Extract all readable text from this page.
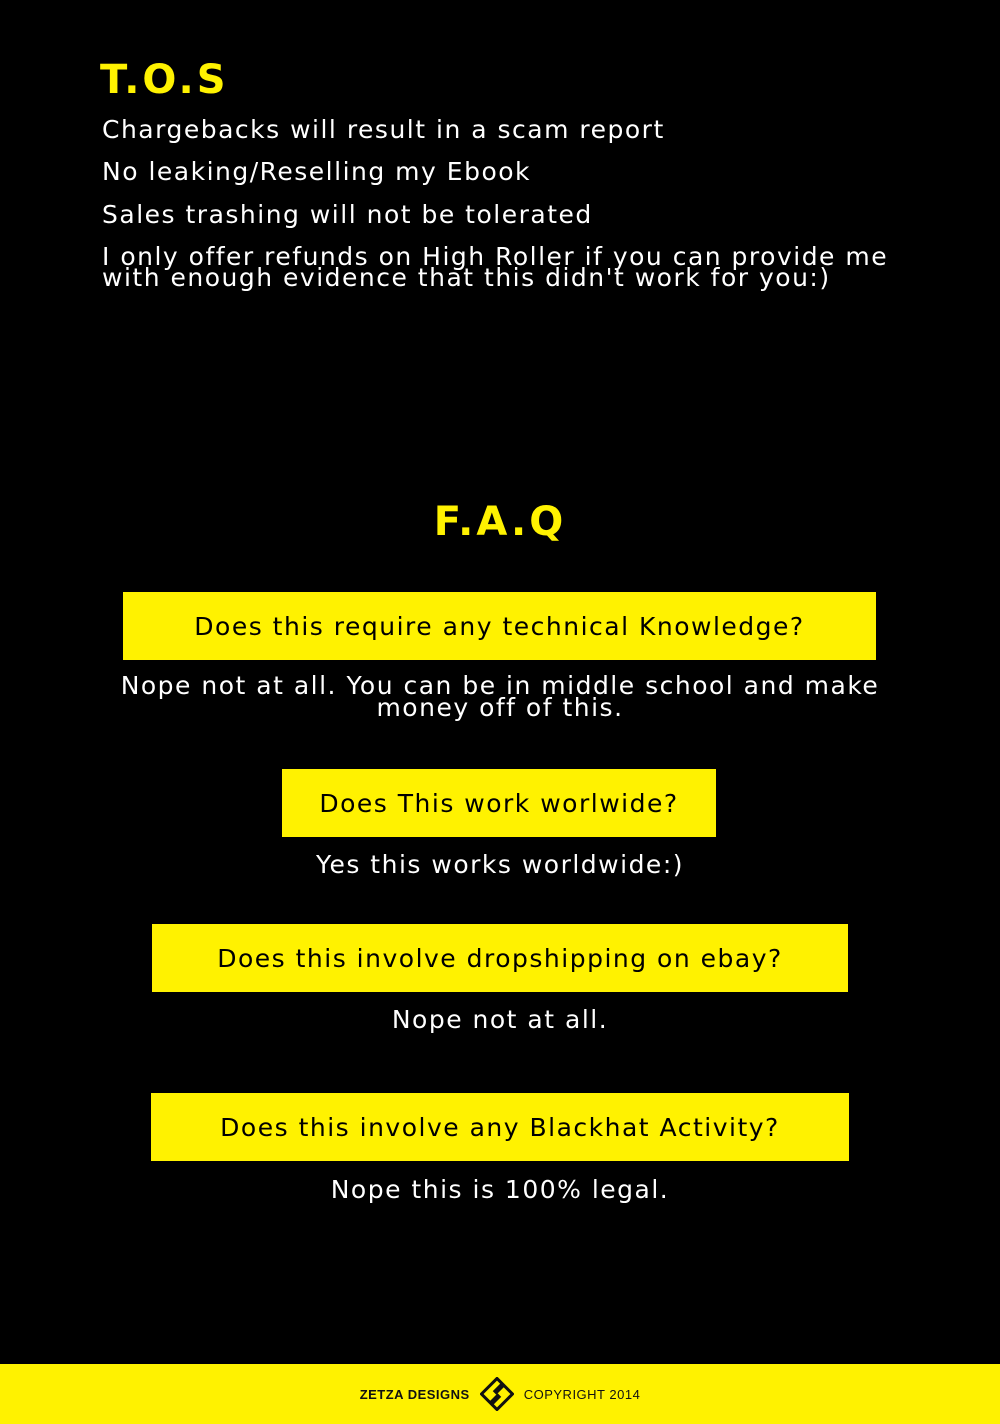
T.O.S

Chargebacks will result in a scam report

No leaking/Reselling my Ebook

Sales trashing will not be tolerated

I only offer refunds on High Roller if you can provide me with enough evidence that this didn't work for you:)

F.A.Q
Does this require any technical Knowledge?

Nope not at all. You can be in middle school and make money off of this.

Does This work worlwide?

Yes this works worldwide:)

Does this involve dropshipping on ebay?

Nope not at all.

Does this involve any Blackhat Activity?

Nope this is 100% legal.

ZETZA DESIGNS	COPYRIGHT 2014
